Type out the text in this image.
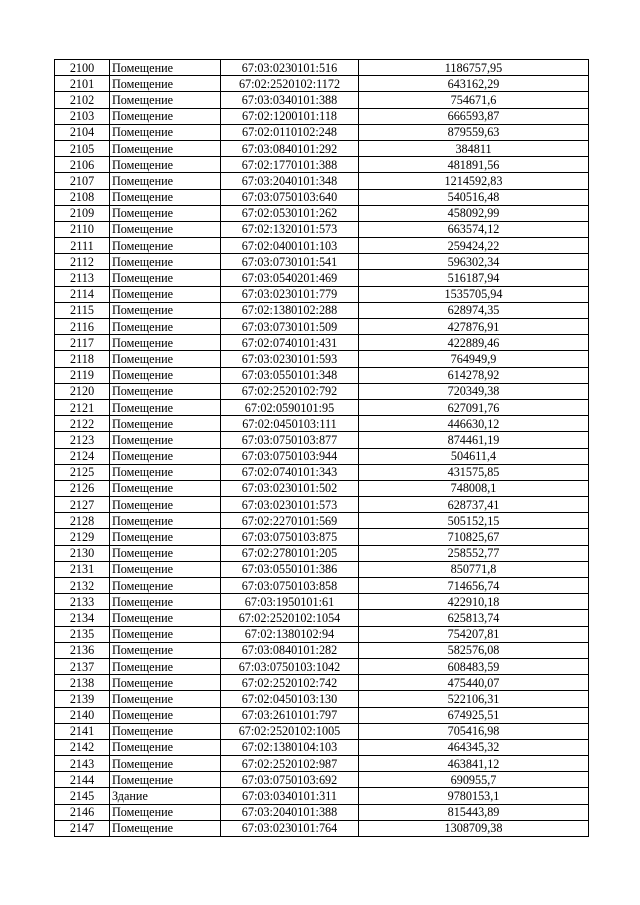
2100	Помещение	67:03:0230101:516	1186757,95
2101	Помещение	67:02:2520102:1172	643162,29
2102	Помещение	67:03:0340101:388	754671,6
2103	Помещение	67:02:1200101:118	666593,87
2104	Помещение	67:02:0110102:248	879559,63
2105	Помещение	67:03:0840101:292	384811
2106	Помещение	67:02:1770101:388	481891,56
2107	Помещение	67:03:2040101:348	1214592,83
2108	Помещение	67:03:0750103:640	540516,48
2109	Помещение	67:02:0530101:262	458092,99
2110	Помещение	67:02:1320101:573	663574,12
2111	Помещение	67:02:0400101:103	259424,22
2112	Помещение	67:03:0730101:541	596302,34
2113	Помещение	67:03:0540201:469	516187,94
2114	Помещение	67:03:0230101:779	1535705,94
2115	Помещение	67:02:1380102:288	628974,35
2116	Помещение	67:03:0730101:509	427876,91
2117	Помещение	67:02:0740101:431	422889,46
2118	Помещение	67:03:0230101:593	764949,9
2119	Помещение	67:03:0550101:348	614278,92
2120	Помещение	67:02:2520102:792	720349,38
2121	Помещение	67:02:0590101:95	627091,76
2122	Помещение	67:02:0450103:111	446630,12
2123	Помещение	67:03:0750103:877	874461,19
2124	Помещение	67:03:0750103:944	504611,4
2125	Помещение	67:02:0740101:343	431575,85
2126	Помещение	67:03:0230101:502	748008,1
2127	Помещение	67:03:0230101:573	628737,41
2128	Помещение	67:02:2270101:569	505152,15
2129	Помещение	67:03:0750103:875	710825,67
2130	Помещение	67:02:2780101:205	258552,77
2131	Помещение	67:03:0550101:386	850771,8
2132	Помещение	67:03:0750103:858	714656,74
2133	Помещение	67:03:1950101:61	422910,18
2134	Помещение	67:02:2520102:1054	625813,74
2135	Помещение	67:02:1380102:94	754207,81
2136	Помещение	67:03:0840101:282	582576,08
2137	Помещение	67:03:0750103:1042	608483,59
2138	Помещение	67:02:2520102:742	475440,07
2139	Помещение	67:02:0450103:130	522106,31
2140	Помещение	67:03:2610101:797	674925,51
2141	Помещение	67:02:2520102:1005	705416,98
2142	Помещение	67:02:1380104:103	464345,32
2143	Помещение	67:02:2520102:987	463841,12
2144	Помещение	67:03:0750103:692	690955,7
2145	Здание	67:03:0340101:311	9780153,1
2146	Помещение	67:03:2040101:388	815443,89
2147	Помещение	67:03:0230101:764	1308709,38
